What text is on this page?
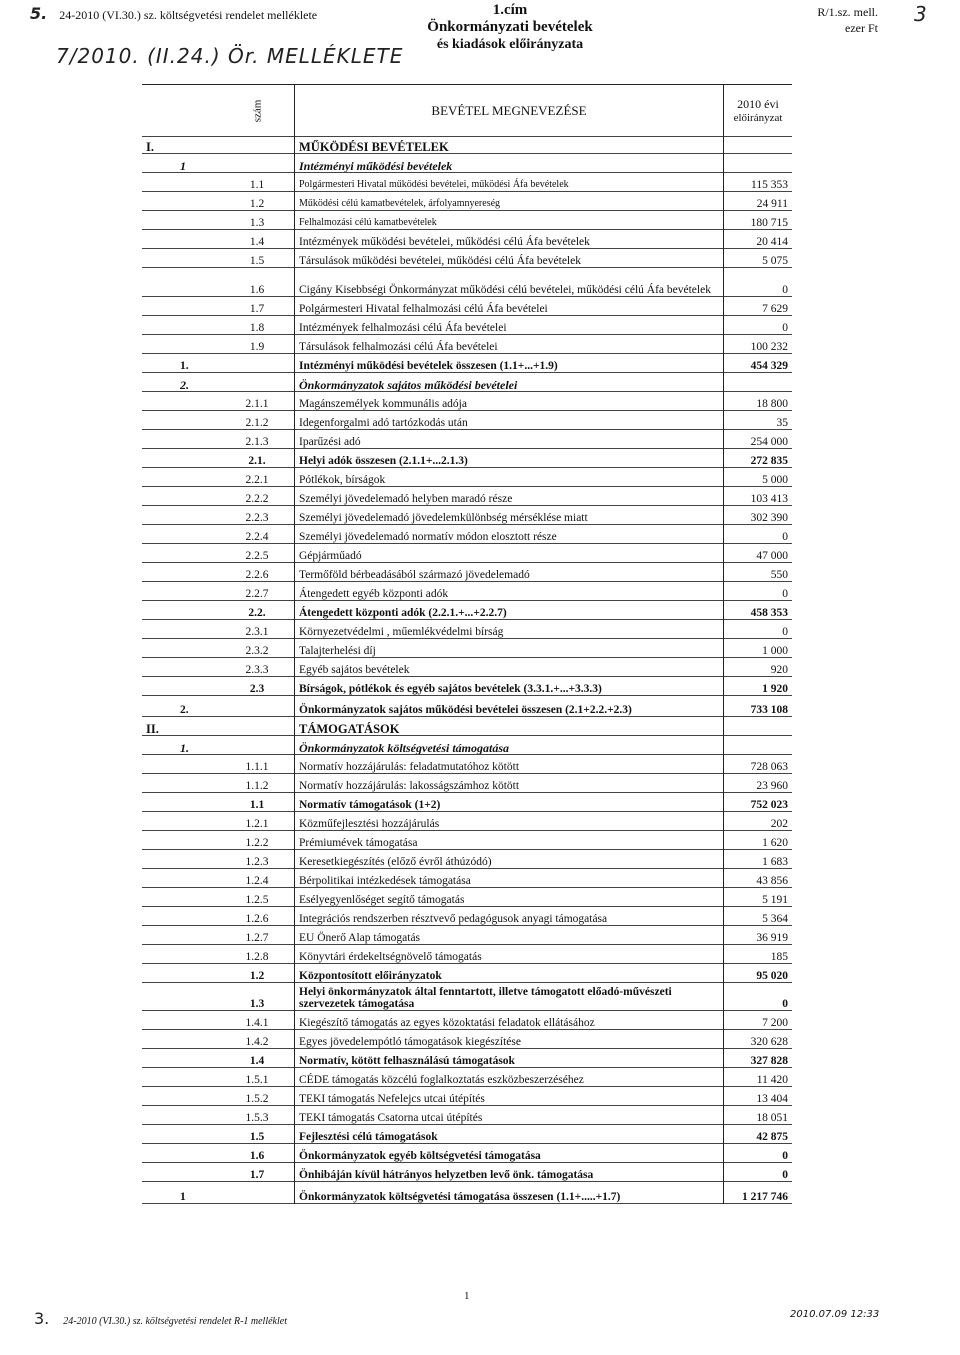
5. 24-2010 (VI.30.) sz. költségvetési rendelet melléklete
7/2010. (II.24.) Ör. MELLÉKLETE
1.cím
Önkormányzati bevételek
és kiadások előirányzata
R/1.sz. mell.
ezer Ft
3
		szám	BEVÉTEL MEGNEVEZÉSE	2010 évi
előirányzat

I.			MŰKÖDÉSI BEVÉTELEK	
	1		Intézményi működési bevételek	
		1.1	Polgármesteri Hivatal működési bevételei, működési Áfa bevételek	115 353
		1.2	Működési célú kamatbevételek, árfolyamnyereség	24 911
		1.3	Felhalmozási célú kamatbevételek	180 715
		1.4	Intézmények működési bevételei, működési célú Áfa bevételek	20 414
		1.5	Társulások működési bevételei, működési célú Áfa bevételek	5 075
		1.6	Cigány Kisebbségi Önkormányzat működési célú bevételei, működési célú Áfa bevételek	0
		1.7	Polgármesteri Hivatal felhalmozási célú Áfa bevételei	7 629
		1.8	Intézmények felhalmozási célú Áfa bevételei	0
		1.9	Társulások felhalmozási célú Áfa bevételei	100 232
	1.		Intézményi működési bevételek összesen (1.1+...+1.9)	454 329
	2.		Önkormányzatok sajátos működési bevételei	
		2.1.1	Magánszemélyek kommunális adója	18 800
		2.1.2	Idegenforgalmi adó tartózkodás után	35
		2.1.3	Iparűzési adó	254 000
		2.1.	Helyi adók összesen (2.1.1+...2.1.3)	272 835
		2.2.1	Pótlékok, bírságok	5 000
		2.2.2	Személyi jövedelemadó helyben maradó része	103 413
		2.2.3	Személyi jövedelemadó jövedelemkülönbség mérséklése miatt	302 390
		2.2.4	Személyi jövedelemadó normatív módon elosztott része	0
		2.2.5	Gépjárműadó	47 000
		2.2.6	Termőföld bérbeadásából származó jövedelemadó	550
		2.2.7	Átengedett egyéb központi adók	0
		2.2.	Átengedett központi adók (2.2.1.+...+2.2.7)	458 353
		2.3.1	Környezetvédelmi , műemlékvédelmi bírság	0
		2.3.2	Talajterhelési díj	1 000
		2.3.3	Egyéb sajátos bevételek	920
		2.3	Bírságok, pótlékok és egyéb sajátos bevételek (3.3.1.+...+3.3.3)	1 920
	2.		Önkormányzatok sajátos működési bevételei összesen (2.1+2.2.+2.3)	733 108
II.			TÁMOGATÁSOK	
	1.		Önkormányzatok költségvetési támogatása	
		1.1.1	Normatív hozzájárulás: feladatmutatóhoz kötött	728 063
		1.1.2	Normatív hozzájárulás: lakosságszámhoz kötött	23 960
		1.1	Normatív támogatások (1+2)	752 023
		1.2.1	Közműfejlesztési hozzájárulás	202
		1.2.2	Prémiumévek támogatása	1 620
		1.2.3	Keresetkiegészítés (előző évről áthúzódó)	1 683
		1.2.4	Bérpolitikai intézkedések támogatása	43 856
		1.2.5	Esélyegyenlőséget segítő támogatás	5 191
		1.2.6	Integrációs rendszerben résztvevő pedagógusok anyagi támogatása	5 364
		1.2.7	EU Önerő Alap támogatás	36 919
		1.2.8	Könyvtári érdekeltségnövelő támogatás	185
		1.2	Központosított előirányzatok	95 020
		1.3	Helyi önkormányzatok által fenntartott, illetve támogatott előadó-művészeti szervezetek támogatása	0
		1.4.1	Kiegészítő támogatás az egyes közoktatási feladatok ellátásához	7 200
		1.4.2	Egyes jövedelempótló támogatások kiegészítése	320 628
		1.4	Normatív, kötött felhasználású támogatások	327 828
		1.5.1	CÉDE támogatás közcélú foglalkoztatás eszközbeszerzéséhez	11 420
		1.5.2	TEKI támogatás Nefelejcs utcai útépítés	13 404
		1.5.3	TEKI támogatás Csatorna utcai útépítés	18 051
		1.5	Fejlesztési célú támogatások	42 875
		1.6	Önkormányzatok egyéb költségvetési támogatása	0
		1.7	Önhibáján kívül hátrányos helyzetben levő önk. támogatása	0
	1		Önkormányzatok költségvetési támogatása összesen (1.1+.....+1.7)	1 217 746
3. 24-2010 (VI.30.) sz. költségvetési rendelet R-1 melléklet
1
2010.07.09 12:33
